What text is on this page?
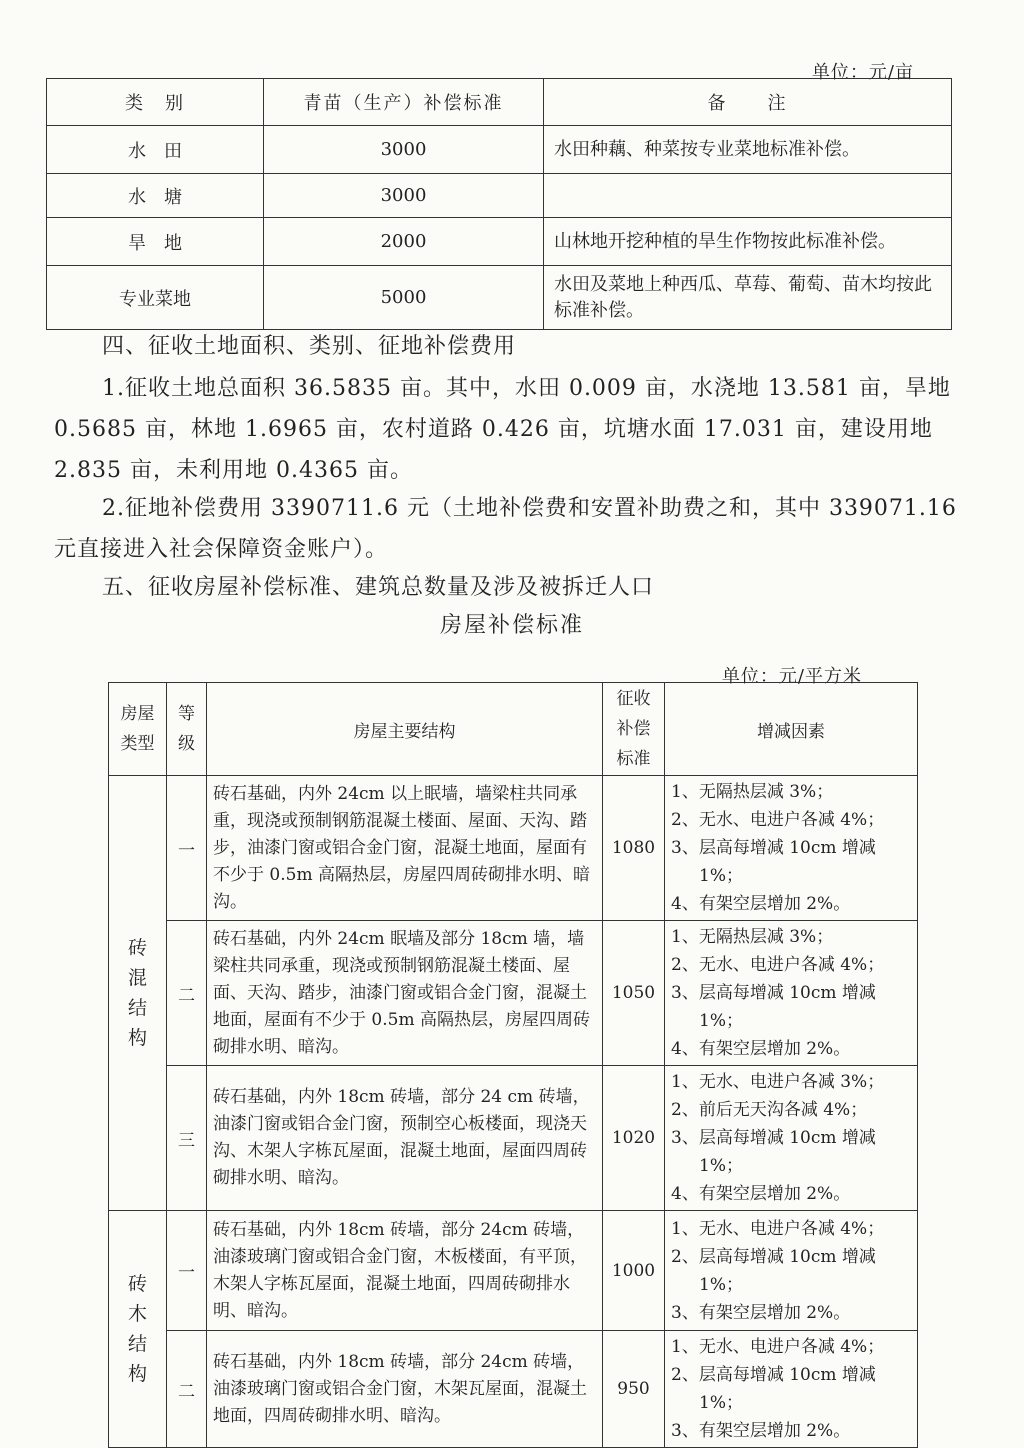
单位：元/亩
类　别	青苗（生产）补偿标准	备　　注
水　田	3000	水田种藕、种菜按专业菜地标准补偿。
水　塘	3000	
旱　地	2000	山林地开挖种植的旱生作物按此标准补偿。
专业菜地	5000	水田及菜地上种西瓜、草莓、葡萄、苗木均按此标准补偿。
四、征收土地面积、类别、征地补偿费用
1.征收土地总面积 36.5835 亩。其中，水田 0.009 亩，水浇地 13.581 亩，旱地 0.5685 亩，林地 1.6965 亩，农村道路 0.426 亩，坑塘水面 17.031 亩，建设用地 2.835 亩，未利用地 0.4365 亩。
2.征地补偿费用 3390711.6 元（土地补偿费和安置补助费之和，其中 339071.16 元直接进入社会保障资金账户）。
五、征收房屋补偿标准、建筑总数量及涉及被拆迁人口
房屋补偿标准
单位：元/平方米
房屋类型	等级	房屋主要结构	征收补偿标准	增减因素

砖混结构	一	砖石基础，内外 24cm 以上眠墙，墙梁柱共同承重，现浇或预制钢筋混凝土楼面、屋面、天沟、踏步，油漆门窗或铝合金门窗，混凝土地面，屋面有不少于 0.5m 高隔热层，房屋四周砖砌排水明、暗沟。	1080	1、无隔热层减 3%；
2、无水、电进户各减 4%；
3、层高每增减 10cm 增减 1%；
4、有架空层增加 2%。

	二	砖石基础，内外 24cm 眠墙及部分 18cm 墙，墙梁柱共同承重，现浇或预制钢筋混凝土楼面、屋面、天沟、踏步，油漆门窗或铝合金门窗，混凝土地面，屋面有不少于 0.5m 高隔热层，房屋四周砖砌排水明、暗沟。	1050	1、无隔热层减 3%；
2、无水、电进户各减 4%；
3、层高每增减 10cm 增减 1%；
4、有架空层增加 2%。

	三	砖石基础，内外 18cm 砖墙，部分 24 cm 砖墙，油漆门窗或铝合金门窗，预制空心板楼面，现浇天沟、木架人字栋瓦屋面，混凝土地面，屋面四周砖砌排水明、暗沟。	1020	1、无水、电进户各减 3%；
2、前后无天沟各减 4%；
3、层高每增减 10cm 增减 1%；
4、有架空层增加 2%。

砖木结构	一	砖石基础，内外 18cm 砖墙，部分 24cm 砖墙，油漆玻璃门窗或铝合金门窗，木板楼面，有平顶，木架人字栋瓦屋面，混凝土地面，四周砖砌排水明、暗沟。	1000	1、无水、电进户各减 4%；
2、层高每增减 10cm 增减 1%；
3、有架空层增加 2%。

	二	砖石基础，内外 18cm 砖墙，部分 24cm 砖墙，油漆玻璃门窗或铝合金门窗，木架瓦屋面，混凝土地面，四周砖砌排水明、暗沟。	950	1、无水、电进户各减 4%；
2、层高每增减 10cm 增减 1%；
3、有架空层增加 2%。
